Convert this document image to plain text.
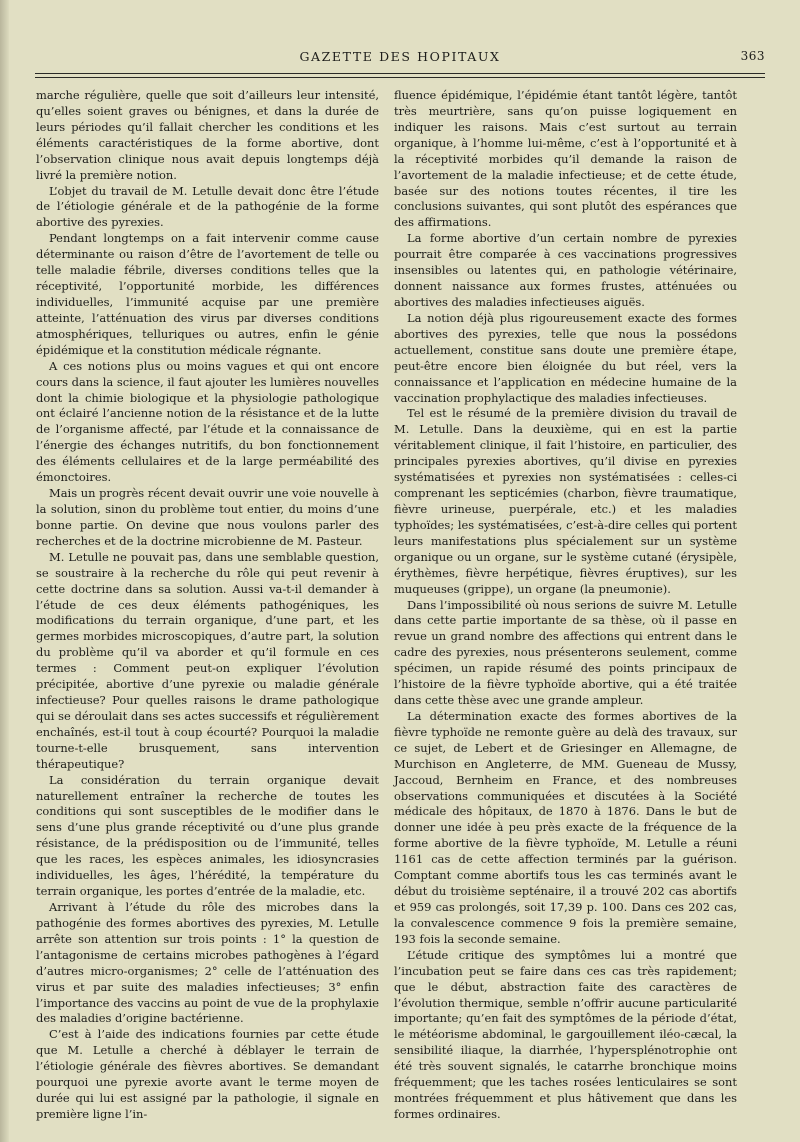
GAZETTE DES HOPITAUX	363

marche régulière, quelle que soit d’ailleurs leur intensité, qu’elles soient graves ou bénignes, et dans la durée de leurs périodes qu’il fallait chercher les conditions et les éléments caractéristiques de la forme abortive, dont l’observation clinique nous avait depuis longtemps déjà livré la première notion.

L’objet du travail de M. Letulle devait donc être l’étude de l’étiologie générale et de la pathogénie de la forme abortive des pyrexies.

Pendant longtemps on a fait intervenir comme cause déterminante ou raison d’être de l’avortement de telle ou telle maladie fébrile, diverses conditions telles que la réceptivité, l’opportunité morbide, les différences individuelles, l’immunité acquise par une première atteinte, l’atténuation des virus par diverses conditions atmosphériques, telluriques ou autres, enfin le génie épidémique et la constitution médicale régnante.

A ces notions plus ou moins vagues et qui ont encore cours dans la science, il faut ajouter les lumières nouvelles dont la chimie biologique et la physiologie pathologique ont éclairé l’ancienne notion de la résistance et de la lutte de l’organisme affecté, par l’étude et la connaissance de l’énergie des échanges nutritifs, du bon fonctionnement des éléments cellulaires et de la large perméabilité des émonctoires.

Mais un progrès récent devait ouvrir une voie nouvelle à la solution, sinon du problème tout entier, du moins d’une bonne partie. On devine que nous voulons parler des recherches et de la doctrine microbienne de M. Pasteur.

M. Letulle ne pouvait pas, dans une semblable question, se soustraire à la recherche du rôle qui peut revenir à cette doctrine dans sa solution. Aussi va-t-il demander à l’étude de ces deux éléments pathogéniques, les modifications du terrain organique, d’une part, et les germes morbides microscopiques, d’autre part, la solution du problème qu’il va aborder et qu’il formule en ces termes : Comment peut-on expliquer l’évolution précipitée, abortive d’une pyrexie ou maladie générale infectieuse? Pour quelles raisons le drame pathologique qui se déroulait dans ses actes successifs et régulièrement enchaînés, est-il tout à coup écourté? Pourquoi la maladie tourne-t-elle brusquement, sans intervention thérapeutique?

La considération du terrain organique devait naturellement entraîner la recherche de toutes les conditions qui sont susceptibles de le modifier dans le sens d’une plus grande réceptivité ou d’une plus grande résistance, de la prédisposition ou de l’immunité, telles que les races, les espèces animales, les idiosyncrasies individuelles, les âges, l’hérédité, la température du terrain organique, les portes d’entrée de la maladie, etc.

Arrivant à l’étude du rôle des microbes dans la pathogénie des formes abortives des pyrexies, M. Letulle arrête son attention sur trois points : 1° la question de l’antagonisme de certains microbes pathogènes à l’égard d’autres micro-organismes; 2° celle de l’atténuation des virus et par suite des maladies infectieuses; 3° enfin l’importance des vaccins au point de vue de la prophylaxie des maladies d’origine bactérienne.

C’est à l’aide des indications fournies par cette étude que M. Letulle a cherché à déblayer le terrain de l’étiologie générale des fièvres abortives. Se demandant pourquoi une pyrexie avorte avant le terme moyen de durée qui lui est assigné par la pathologie, il signale en première ligne l’in-

fluence épidémique, l’épidémie étant tantôt légère, tantôt très meurtrière, sans qu’on puisse logiquement en indiquer les raisons. Mais c’est surtout au terrain organique, à l’homme lui-même, c’est à l’opportunité et à la réceptivité morbides qu’il demande la raison de l’avortement de la maladie infectieuse; et de cette étude, basée sur des notions toutes récentes, il tire les conclusions suivantes, qui sont plutôt des espérances que des affirmations.

La forme abortive d’un certain nombre de pyrexies pourrait être comparée à ces vaccinations progressives insensibles ou latentes qui, en pathologie vétérinaire, donnent naissance aux formes frustes, atténuées ou abortives des maladies infectieuses aiguës.

La notion déjà plus rigoureusement exacte des formes abortives des pyrexies, telle que nous la possédons actuellement, constitue sans doute une première étape, peut-être encore bien éloignée du but réel, vers la connaissance et l’application en médecine humaine de la vaccination prophylactique des maladies infectieuses.

Tel est le résumé de la première division du travail de M. Letulle. Dans la deuxième, qui en est la partie véritablement clinique, il fait l’histoire, en particulier, des principales pyrexies abortives, qu’il divise en pyrexies systématisées et pyrexies non systématisées : celles-ci comprenant les septicémies (charbon, fièvre traumatique, fièvre urineuse, puerpérale, etc.) et les maladies typhoïdes; les systématisées, c’est-à-dire celles qui portent leurs manifestations plus spécialement sur un système organique ou un organe, sur le système cutané (érysipèle, érythèmes, fièvre herpétique, fièvres éruptives), sur les muqueuses (grippe), un organe (la pneumonie).

Dans l’impossibilité où nous serions de suivre M. Letulle dans cette partie importante de sa thèse, où il passe en revue un grand nombre des affections qui entrent dans le cadre des pyrexies, nous présenterons seulement, comme spécimen, un rapide résumé des points principaux de l’histoire de la fièvre typhoïde abortive, qui a été traitée dans cette thèse avec une grande ampleur.

La détermination exacte des formes abortives de la fièvre typhoïde ne remonte guère au delà des travaux, sur ce sujet, de Lebert et de Griesinger en Allemagne, de Murchison en Angleterre, de MM. Gueneau de Mussy, Jaccoud, Bernheim en France, et des nombreuses observations communiquées et discutées à la Société médicale des hôpitaux, de 1870 à 1876. Dans le but de donner une idée à peu près exacte de la fréquence de la forme abortive de la fièvre typhoïde, M. Letulle a réuni 1161 cas de cette affection terminés par la guérison. Comptant comme abortifs tous les cas terminés avant le début du troisième septénaire, il a trouvé 202 cas abortifs et 959 cas prolongés, soit 17,39 p. 100. Dans ces 202 cas, la convalescence commence 9 fois la première semaine, 193 fois la seconde semaine.

L’étude critique des symptômes lui a montré que l’incubation peut se faire dans ces cas très rapidement; que le début, abstraction faite des caractères de l’évolution thermique, semble n’offrir aucune particularité importante; qu’en fait des symptômes de la période d’état, le météorisme abdominal, le gargouillement iléo-cæcal, la sensibilité iliaque, la diarrhée, l’hypersplénotrophie ont été très souvent signalés, le catarrhe bronchique moins fréquemment; que les taches rosées lenticulaires se sont montrées fréquemment et plus hâtivement que dans les formes ordinaires.
